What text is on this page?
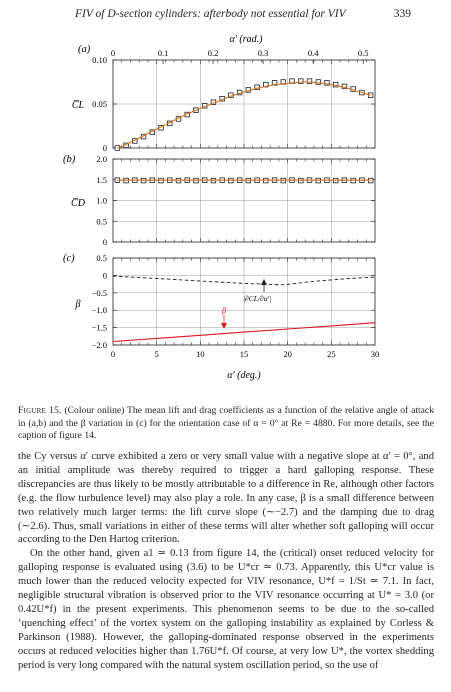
FIV of D-section cylinders: afterbody not essential for VIV	339
0
0.05
0.10
0
0.5
1.0
1.5
2.0
0.5
0
−0.5
−1.0
−1.5
−2.0
0	0.1	0.2	0.3	0.4	0.5
0	5	10	15	20	25	30
(a)
(b)
(c)
α′ (rad.)
α′ (deg.)
C̅L
C̅D
β
|∂CL/∂α′|
β
Figure 15. (Colour online) The mean lift and drag coefficients as a function of the relative angle of attack in (a,b) and the β variation in (c) for the orientation case of α = 0° at Re = 4880. For more details, see the caption of figure 14.

the Cy versus α′ curve exhibited a zero or very small value with a negative slope at α′ = 0°, and an initial amplitude was thereby required to trigger a hard galloping response. These discrepancies are thus likely to be mostly attributable to a difference in Re, although other factors (e.g. the flow turbulence level) may also play a role. In any case, β is a small difference between two relatively much larger terms: the lift curve slope (∼−2.7) and the damping due to drag (∼2.6). Thus, small variations in either of these terms will alter whether soft galloping will occur according to the Den Hartog criterion.

On the other hand, given a1 ≃ 0.13 from figure 14, the (critical) onset reduced velocity for galloping response is evaluated using (3.6) to be U*cr ≃ 0.73. Apparently, this U*cr value is much lower than the reduced velocity expected for VIV resonance, U*f = 1/St ≃ 7.1. In fact, negligible structural vibration is observed prior to the VIV resonance occurring at U* = 3.0 (or 0.42U*f) in the present experiments. This phenomenon seems to be due to the so-called ‘quenching effect’ of the vortex system on the galloping instability as explained by Corless & Parkinson (1988). However, the galloping-dominated response observed in the experiments occurs at reduced velocities higher than 1.76U*f. Of course, at very low U*, the vortex shedding period is very long compared with the natural system oscillation period, so the use of
